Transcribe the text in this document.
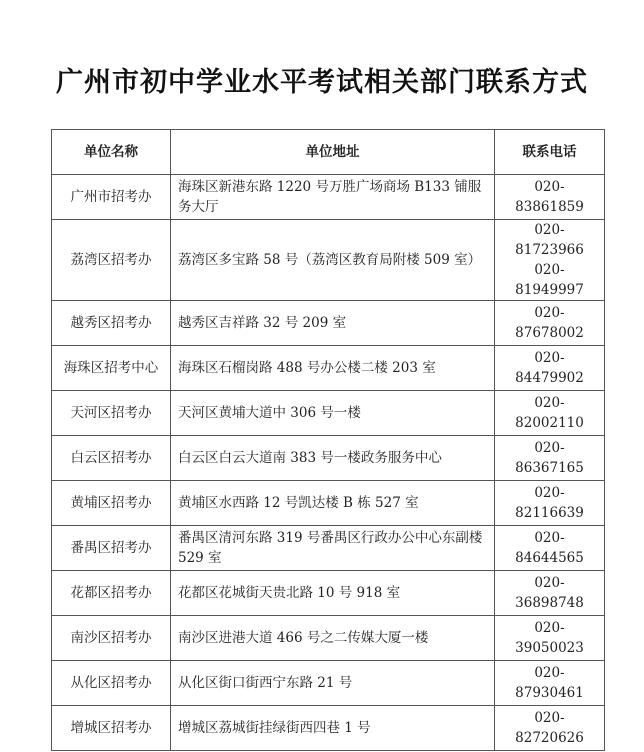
广州市初中学业水平考试相关部门联系方式
单位名称	单位地址	联系电话
广州市招考办	海珠区新港东路 1220 号万胜广场商场 B133 铺服务大厅	020-83861859

荔湾区招考办	荔湾区多宝路 58 号（荔湾区教育局附楼 509 室）	020-81723966
020-81949997

越秀区招考办	越秀区吉祥路 32 号 209 室	020-87678002

海珠区招考中心	海珠区石榴岗路 488 号办公楼二楼 203 室	020-84479902

天河区招考办	天河区黄埔大道中 306 号一楼	020-82002110

白云区招考办	白云区白云大道南 383 号一楼政务服务中心	020-86367165

黄埔区招考办	黄埔区水西路 12 号凯达楼 B 栋 527 室	020-82116639

番禺区招考办	番禺区清河东路 319 号番禺区行政办公中心东副楼 529 室	020-84644565

花都区招考办	花都区花城街天贵北路 10 号 918 室	020-36898748

南沙区招考办	南沙区进港大道 466 号之二传媒大厦一楼	020-39050023

从化区招考办	从化区街口街西宁东路 21 号	020-87930461

增城区招考办	增城区荔城街挂绿街西四巷 1 号	020-82720626
